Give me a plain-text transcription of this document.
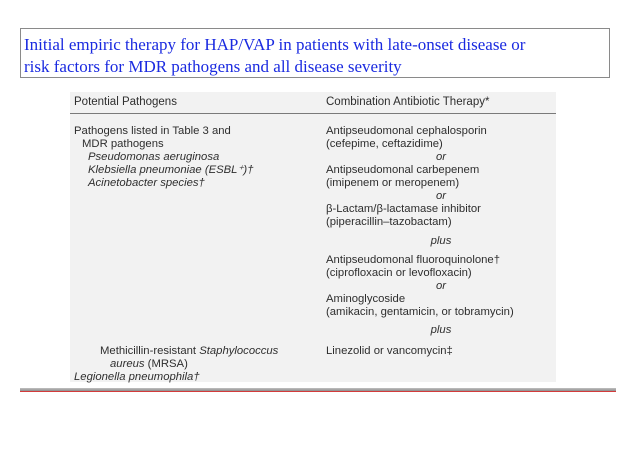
Initial empiric therapy for HAP/VAP in patients with late-onset disease or
risk factors for MDR pathogens and all disease severity
Potential Pathogens	Combination Antibiotic Therapy*
Pathogens listed in Table 3 and
MDR pathogens
Pseudomonas aeruginosa
Klebsiella pneumoniae (ESBL⁺)†
Acinetobacter species†
Methicillin-resistant Staphylococcus
aureus (MRSA)
Legionella pneumophila†
Antipseudomonal cephalosporin
(cefepime, ceftazidime)
or
Antipseudomonal carbepenem
(imipenem or meropenem)
or
β-Lactam/β-lactamase inhibitor
(piperacillin–tazobactam)
plus
Antipseudomonal fluoroquinolone†
(ciprofloxacin or levofloxacin)
or
Aminoglycoside
(amikacin, gentamicin, or tobramycin)
plus
Linezolid or vancomycin‡
